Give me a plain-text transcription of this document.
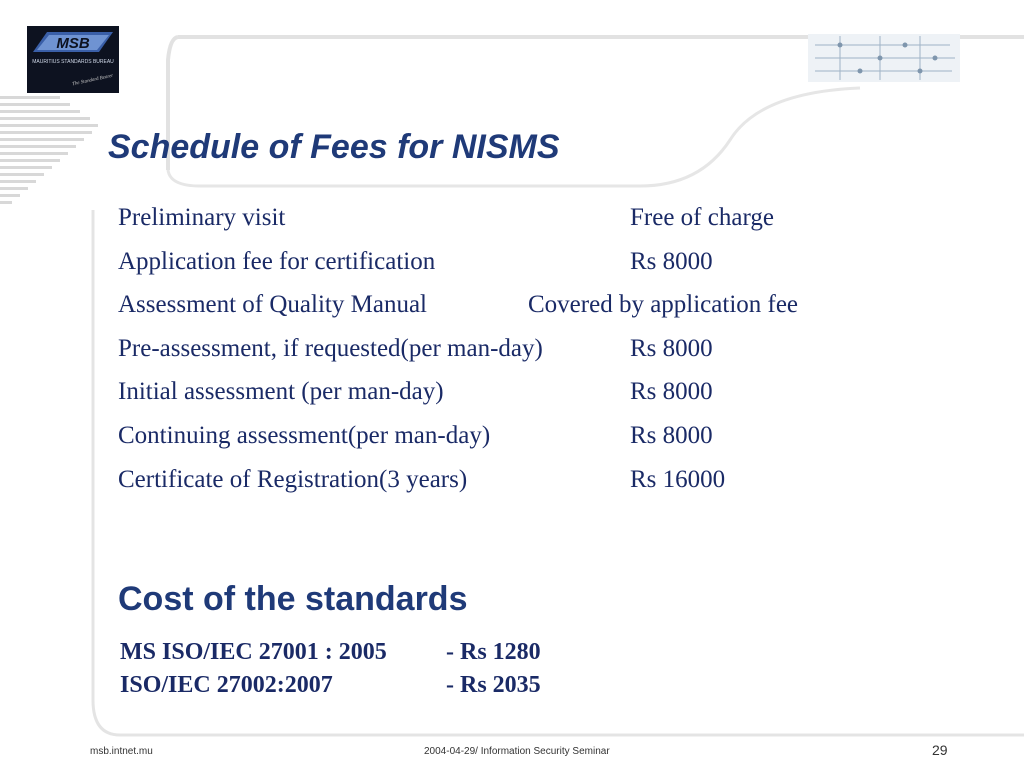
MSB
MAURITIUS STANDARDS BUREAU
The Standard Bearer
Schedule of Fees for NISMS
Preliminary visit	Free of charge
Application fee for certification	Rs 8000
Assessment of Quality Manual	Covered by application fee
Pre-assessment, if requested(per man-day)	Rs 8000
Initial assessment (per man-day)	Rs 8000
Continuing assessment(per man-day)	Rs 8000
Certificate of Registration(3 years)	Rs 16000
Cost of the standards
MS ISO/IEC 27001 : 2005 - Rs 1280
ISO/IEC 27002:2007	- Rs 2035
msb.intnet.mu	2004-04-29/ Information Security Seminar	29
